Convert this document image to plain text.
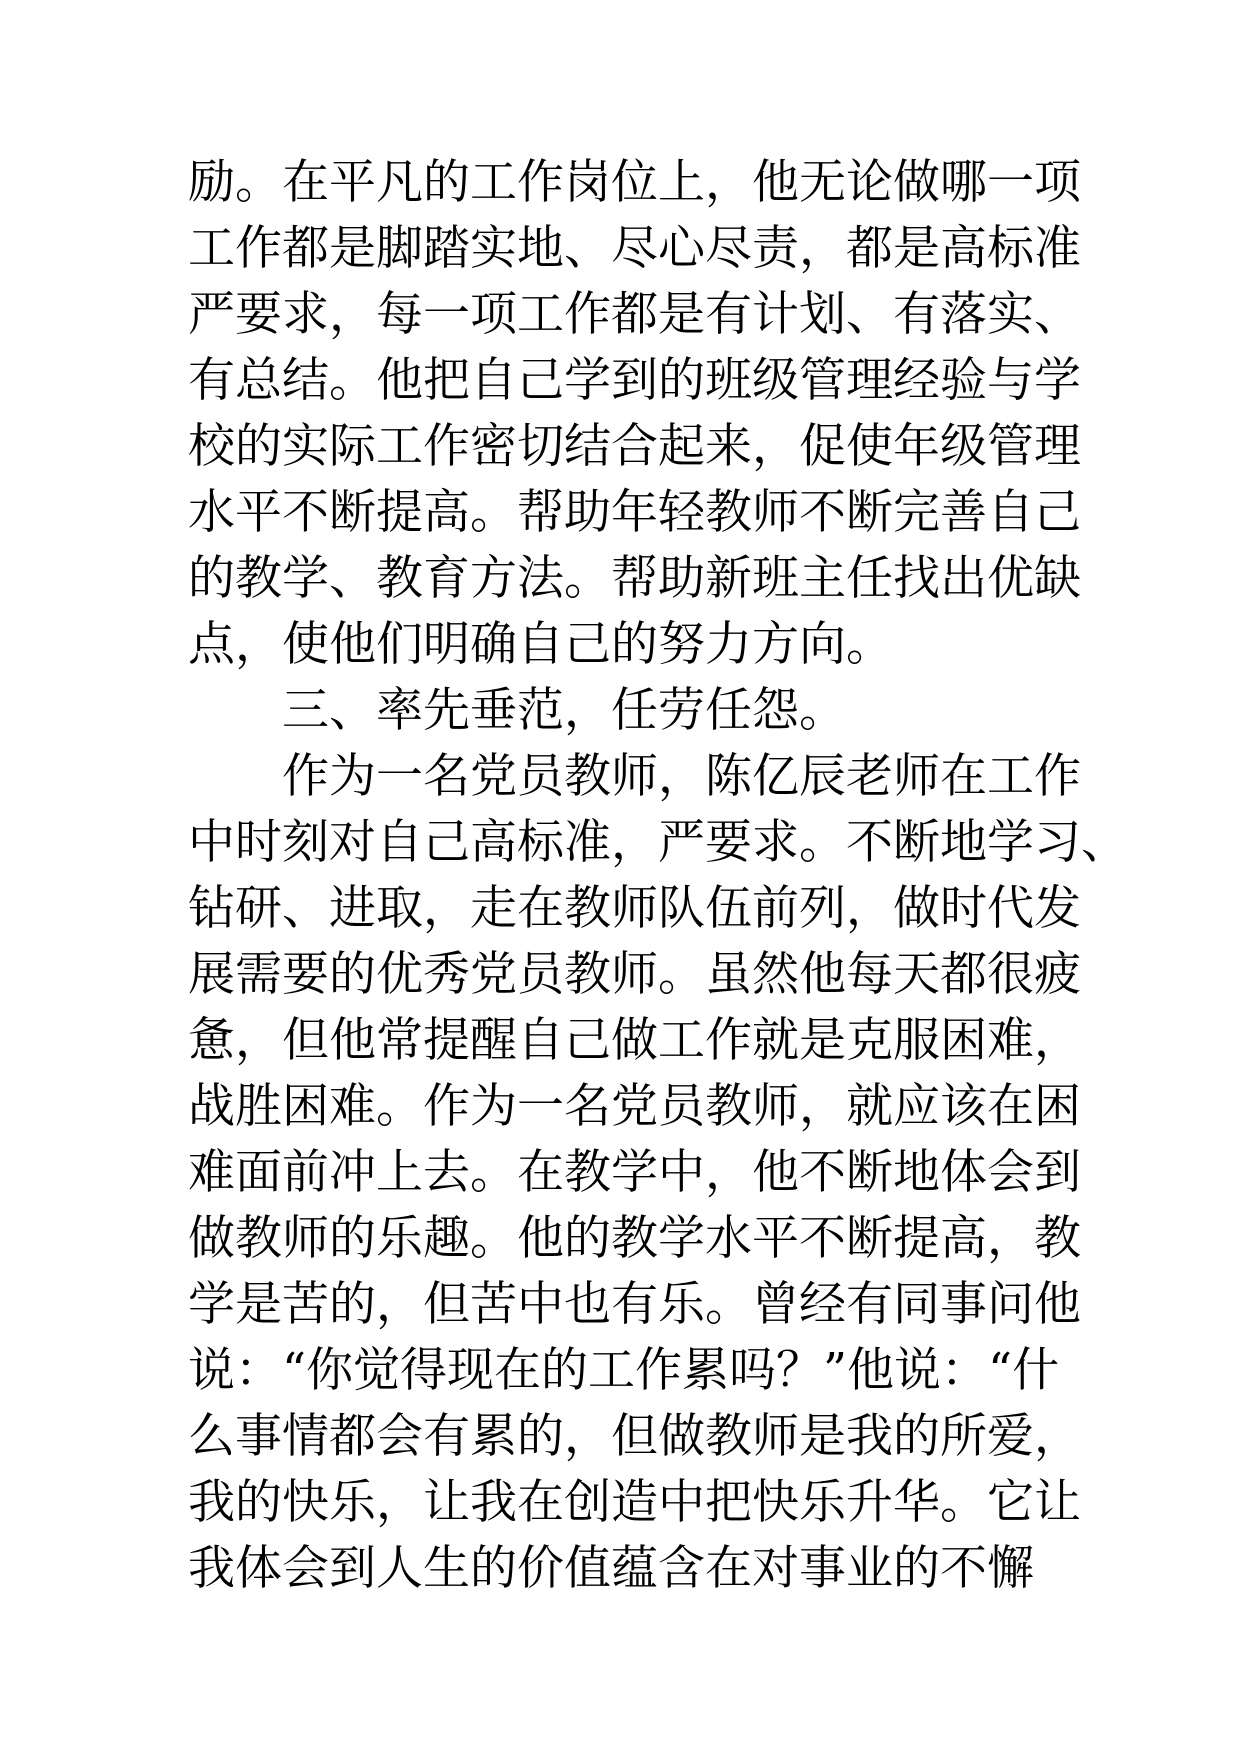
励。在平凡的工作岗位上，他无论做哪一项
工作都是脚踏实地、尽心尽责，都是高标准
严要求，每一项工作都是有计划、有落实、
有总结。他把自己学到的班级管理经验与学
校的实际工作密切结合起来，促使年级管理
水平不断提高。帮助年轻教师不断完善自己
的教学、教育方法。帮助新班主任找出优缺
点，使他们明确自己的努力方向。
三、率先垂范，任劳任怨。
作为一名党员教师，陈亿辰老师在工作
中时刻对自己高标准，严要求。不断地学习、
钻研、进取，走在教师队伍前列，做时代发
展需要的优秀党员教师。虽然他每天都很疲
惫，但他常提醒自己做工作就是克服困难，
战胜困难。作为一名党员教师，就应该在困
难面前冲上去。在教学中，他不断地体会到
做教师的乐趣。他的教学水平不断提高，教
学是苦的，但苦中也有乐。曾经有同事问他
说：“你觉得现在的工作累吗？”他说：“什
么事情都会有累的，但做教师是我的所爱，
我的快乐，让我在创造中把快乐升华。它让
我体会到人生的价值蕴含在对事业的不懈
